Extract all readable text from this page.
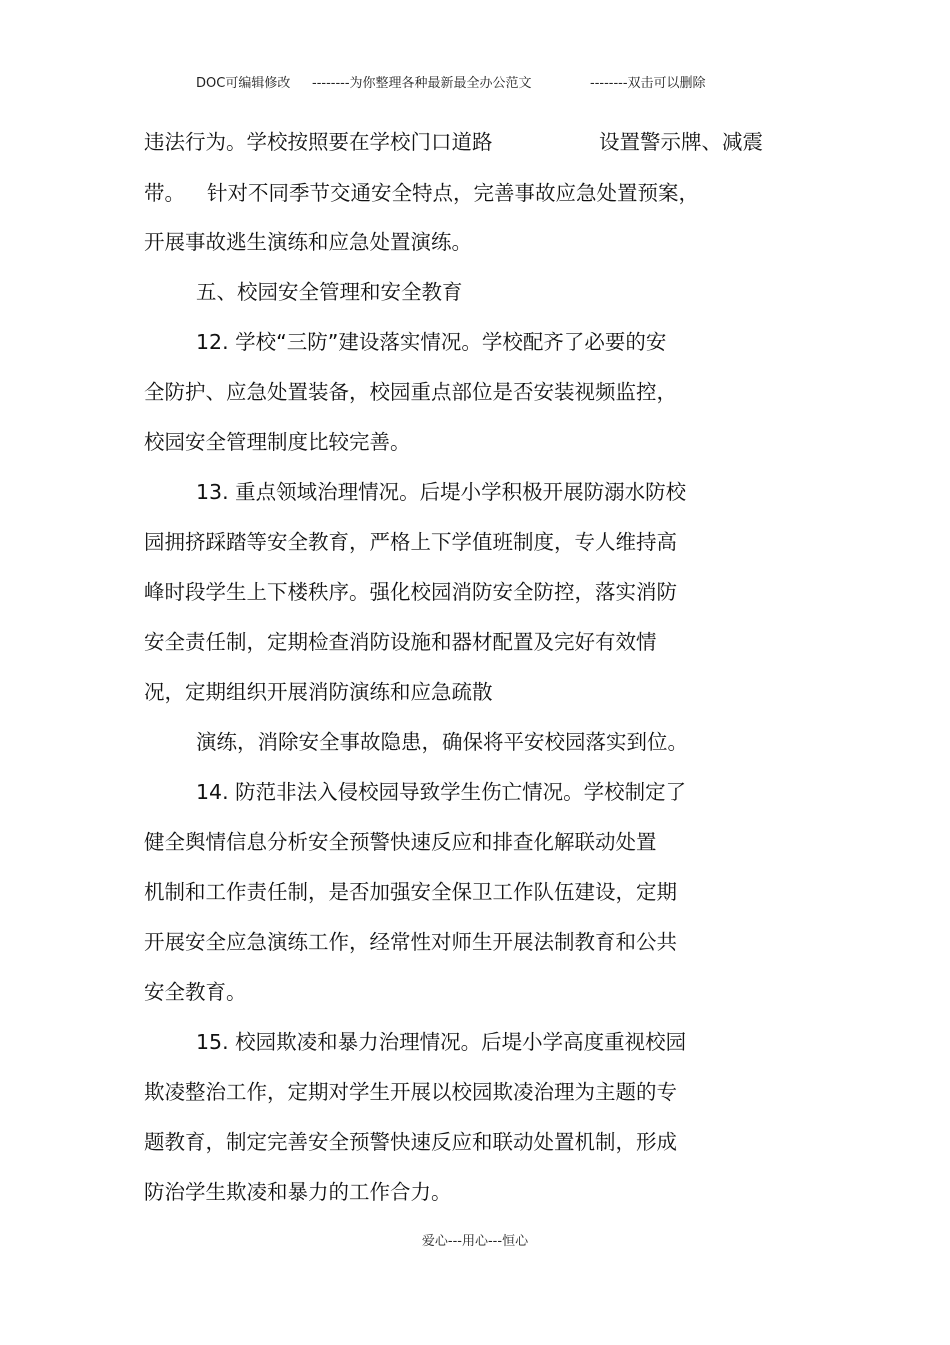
DOC可编辑修改 --------为你整理各种最新最全办公范文	--------双击可以删除
违法行为。学校按照要在学校门口道路	设置警示牌、减震
带。 针对不同季节交通安全特点，完善事故应急处置预案，
开展事故逃生演练和应急处置演练。
五、校园安全管理和安全教育
12. 学校“三防”建设落实情况。学校配齐了必要的安
全防护、应急处置装备，校园重点部位是否安装视频监控，
校园安全管理制度比较完善。
13. 重点领域治理情况。后堤小学积极开展防溺水防校
园拥挤踩踏等安全教育，严格上下学值班制度，专人维持高
峰时段学生上下楼秩序。强化校园消防安全防控，落实消防
安全责任制，定期检查消防设施和器材配置及完好有效情
况，定期组织开展消防演练和应急疏散
演练，消除安全事故隐患，确保将平安校园落实到位。
14. 防范非法入侵校园导致学生伤亡情况。学校制定了
健全舆情信息分析安全预警快速反应和排查化解联动处置
机制和工作责任制，是否加强安全保卫工作队伍建设，定期
开展安全应急演练工作，经常性对师生开展法制教育和公共
安全教育。
15. 校园欺凌和暴力治理情况。后堤小学高度重视校园
欺凌整治工作，定期对学生开展以校园欺凌治理为主题的专
题教育，制定完善安全预警快速反应和联动处置机制，形成
防治学生欺凌和暴力的工作合力。
爱心---用心---恒心
